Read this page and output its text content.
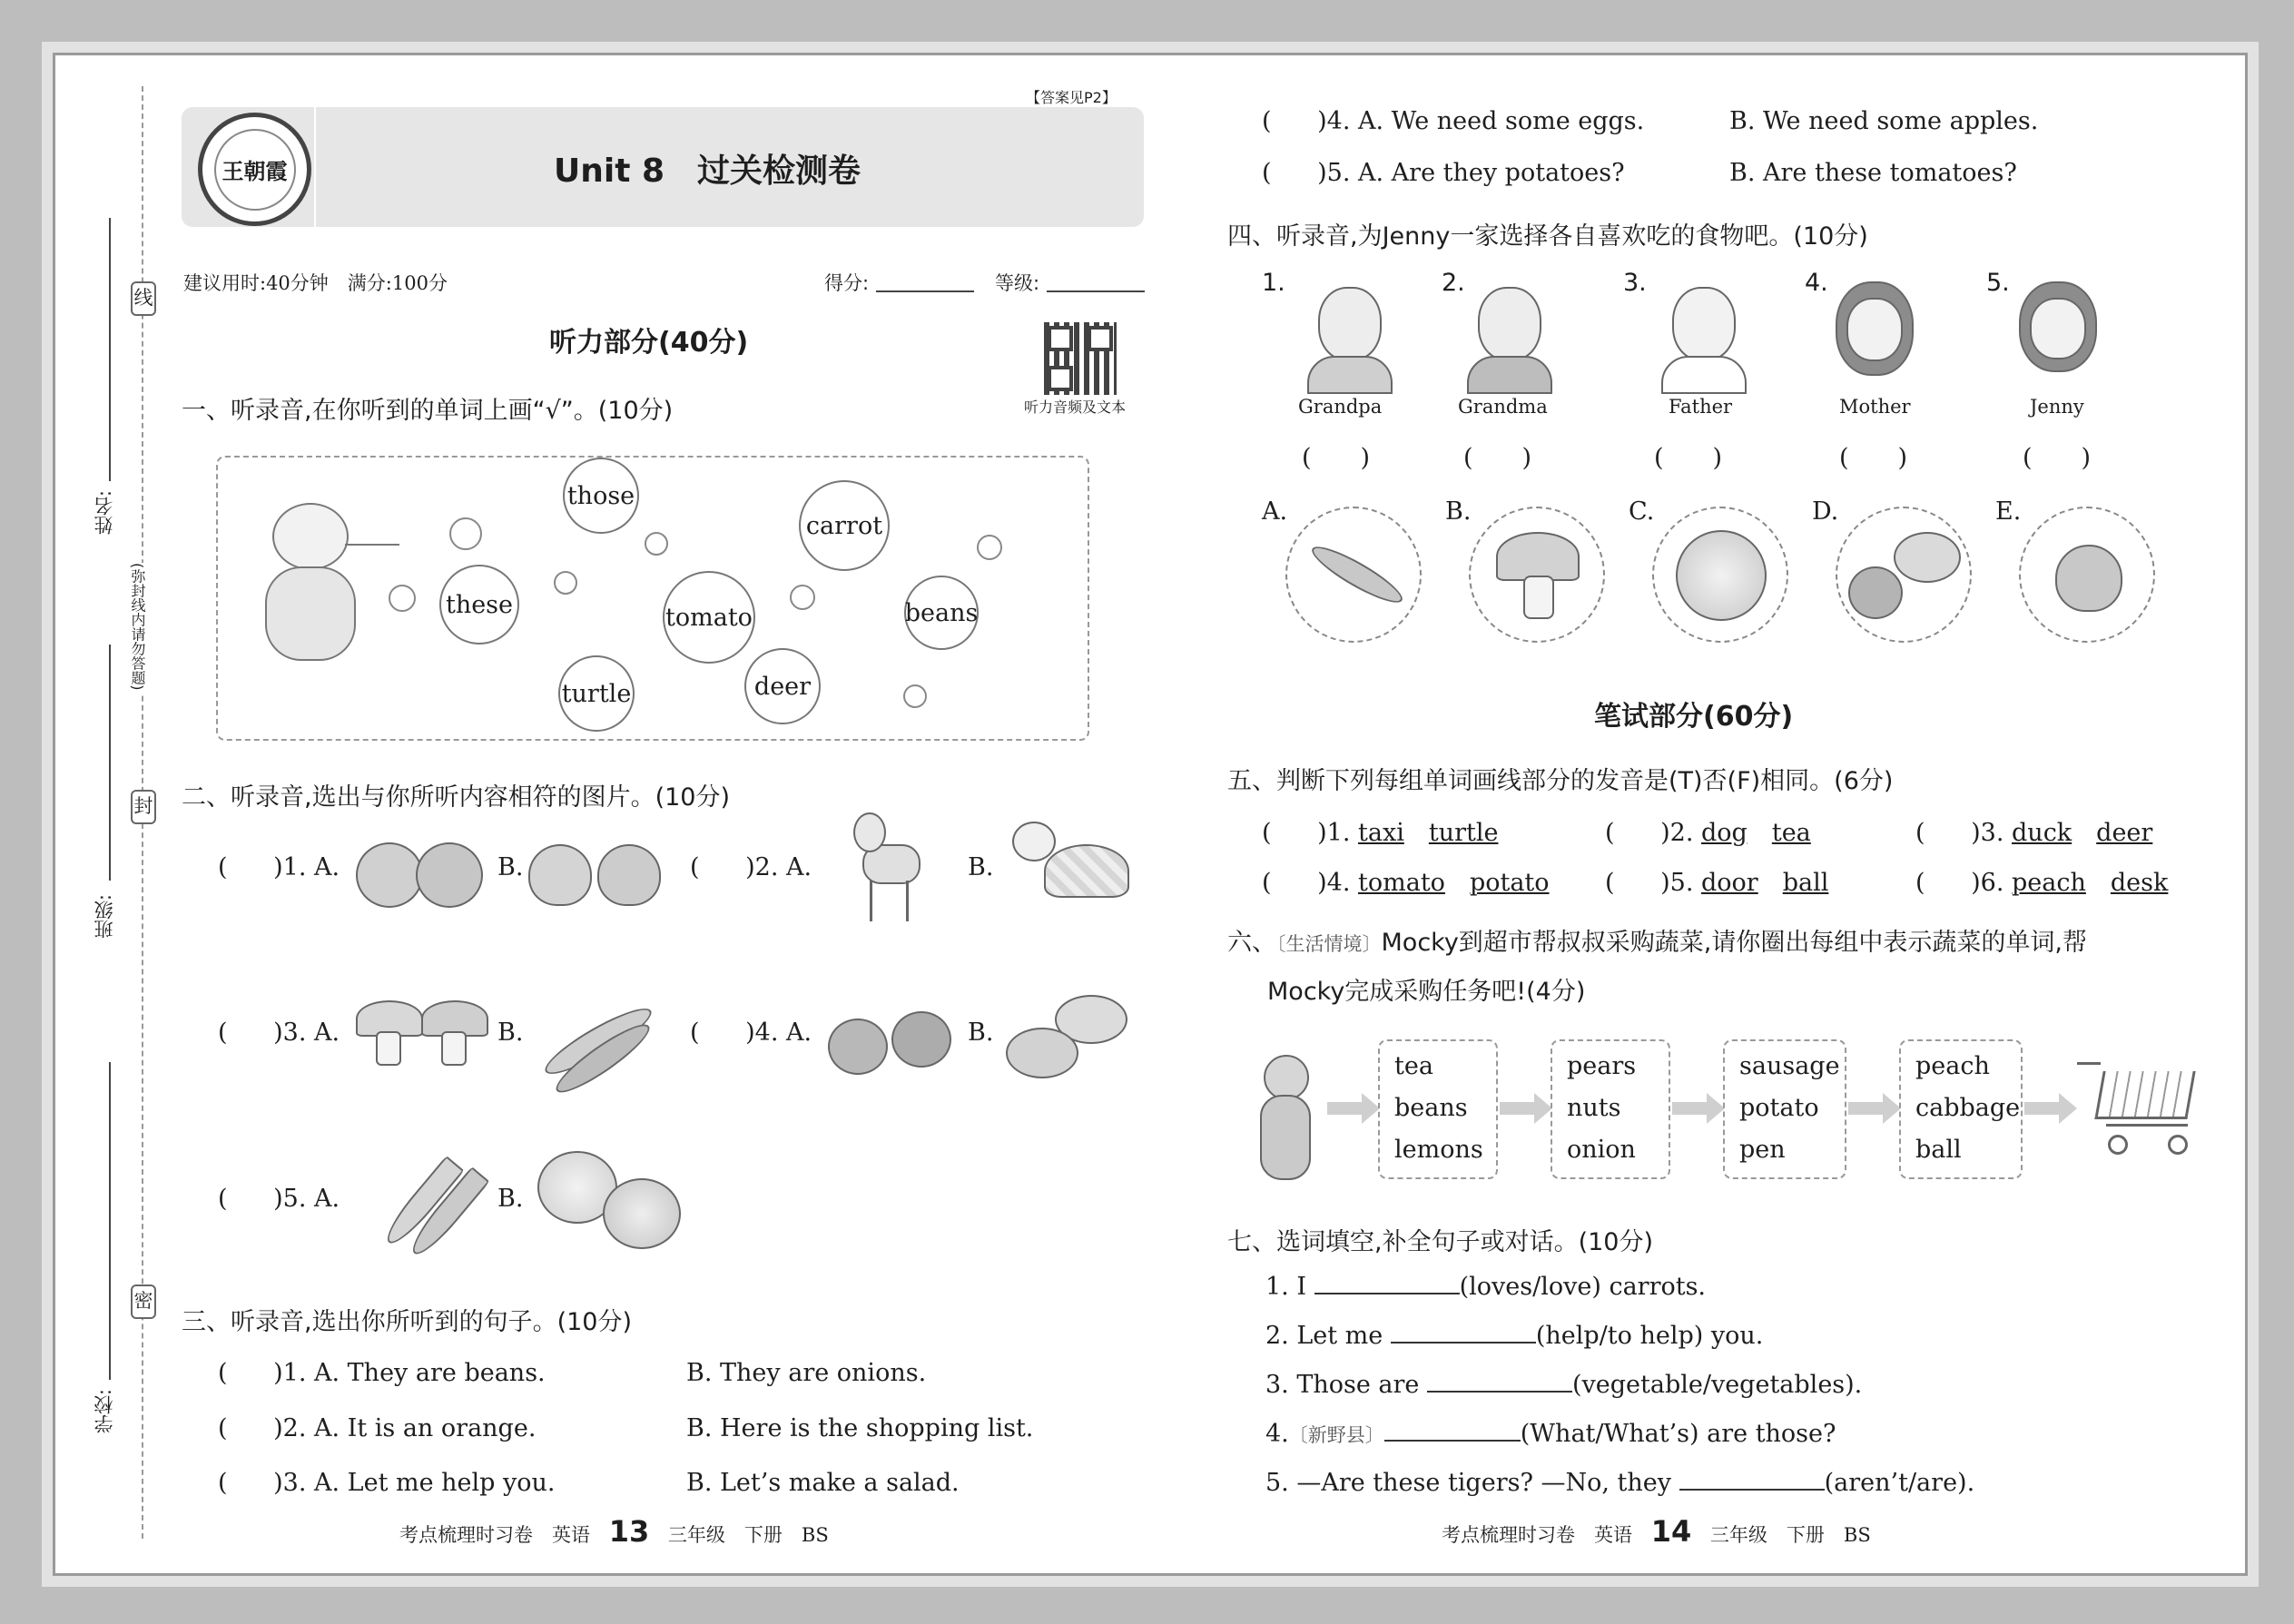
线
(弥封线内请勿答题)
封
密
姓名:
班级:
学校:
【答案见P2】
王朝霞	Unit 8　过关检测卷
建议用时:40分钟　满分:100分	得分:	等级:
听力音频及文本
听力部分(40分)
一、听录音,在你听到的单词上画“√”。(10分)
those
carrot
these	tomato	beans
turtle	deer
二、听录音,选出与你所听内容相符的图片。(10分)
( )1. A.	B.	( )2. A.	B.
( )3. A.	B.	( )4. A.	B.
( )5. A.	B.
三、听录音,选出你所听到的句子。(10分)
( )1. A. They are beans.	B. They are onions.
( )2. A. It is an orange.	B. Here is the shopping list.
( )3. A. Let me help you.	B. Let’s make a salad.
考点梳理时习卷　英语 13 三年级　下册　BS
( )4. A. We need some eggs.	B. We need some apples.
( )5. A. Are they potatoes?	B. Are these tomatoes?
四、听录音,为Jenny一家选择各自喜欢吃的食物吧。(10分)
1.
Grandpa
(　　)
2.
Grandma
(　　)
3.
Father
(　　)
4.
Mother
(　　)
5.
Jenny
(　　)
A.	B.	C.	D.	E.
笔试部分(60分)
五、判断下列每组单词画线部分的发音是(T)否(F)相同。(6分)
( )1. taxi　 turtle	( )2. dog　 tea	( )3. duck　 deer
( )4. tomato　 potato ( )5. door　 ball	( )6. peach　 desk
六、〔生活情境〕Mocky到超市帮叔叔采购蔬菜,请你圈出每组中表示蔬菜的单词,帮
Mocky完成采购任务吧!(4分)
tea
beans
lemons
pears
nuts
onion
sausage
potato
pen
peach
cabbage
ball
七、选词填空,补全句子或对话。(10分)
1. I	(loves/love) carrots.
2. Let me	(help/to help) you.
3. Those are	(vegetable/vegetables).
4.〔新野县〕	(What/What’s) are those?
5. —Are these tigers? —No, they	(aren’t/are).
考点梳理时习卷　英语 14 三年级　下册　BS
